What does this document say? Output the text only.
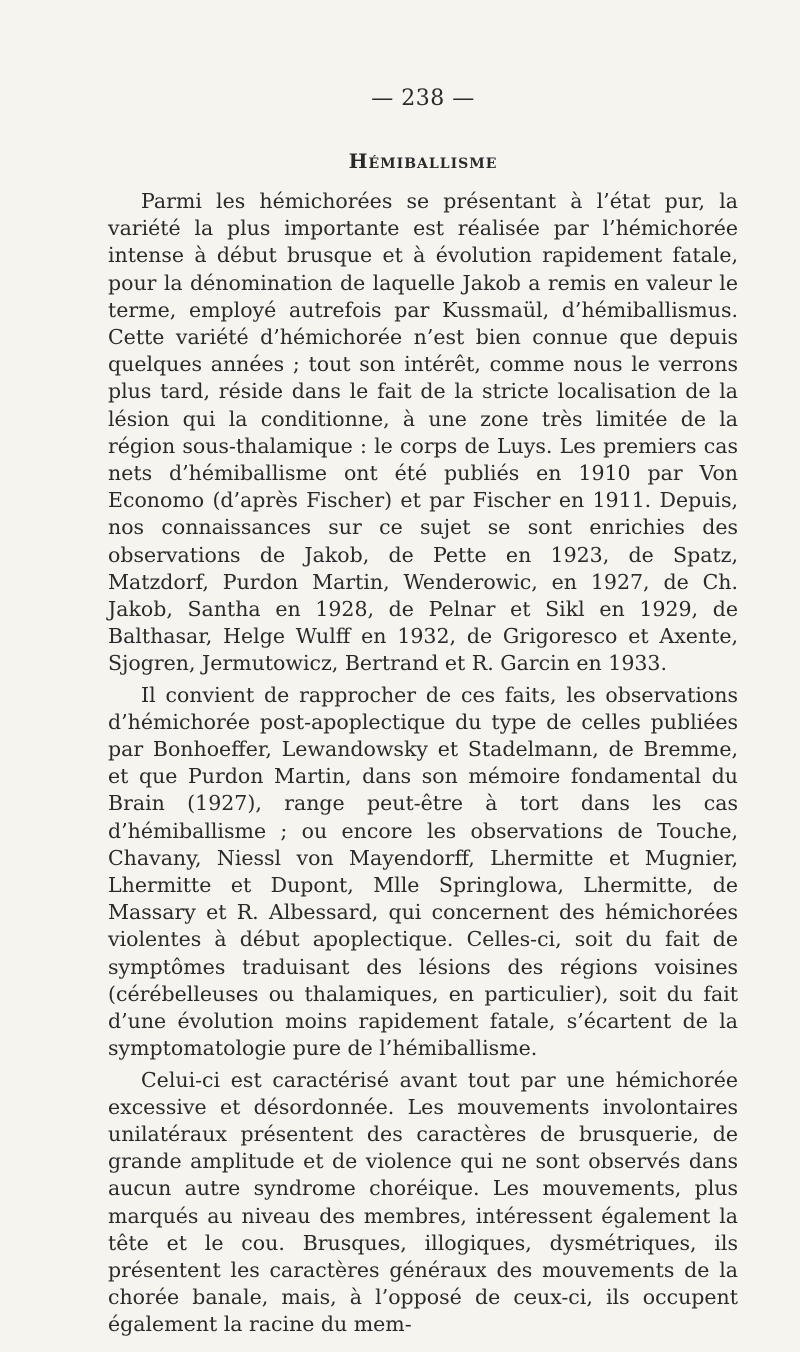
— 238 —

Hémiballisme

Parmi les hémichorées se présentant à l’état pur, la variété la plus importante est réalisée par l’hémichorée intense à début brusque et à évolution rapidement fatale, pour la dénomination de laquelle Jakob a remis en valeur le terme, employé autrefois par Kussmaül, d’hémiballismus. Cette variété d’hémichorée n’est bien connue que depuis quelques années ; tout son intérêt, comme nous le verrons plus tard, réside dans le fait de la stricte localisation de la lésion qui la conditionne, à une zone très limitée de la région sous-thalamique : le corps de Luys. Les premiers cas nets d’hémiballisme ont été publiés en 1910 par Von Economo (d’après Fischer) et par Fischer en 1911. Depuis, nos connaissances sur ce sujet se sont enrichies des observations de Jakob, de Pette en 1923, de Spatz, Matzdorf, Purdon Martin, Wenderowic, en 1927, de Ch. Jakob, Santha en 1928, de Pelnar et Sikl en 1929, de Balthasar, Helge Wulff en 1932, de Grigoresco et Axente, Sjogren, Jermutowicz, Bertrand et R. Garcin en 1933.

Il convient de rapprocher de ces faits, les observations d’hémichorée post-apoplectique du type de celles publiées par Bonhoeffer, Lewandowsky et Stadelmann, de Bremme, et que Purdon Martin, dans son mémoire fondamental du Brain (1927), range peut-être à tort dans les cas d’hémiballisme ; ou encore les observations de Touche, Chavany, Niessl von Mayendorff, Lhermitte et Mugnier, Lhermitte et Dupont, Mlle Springlowa, Lhermitte, de Massary et R. Albessard, qui concernent des hémichorées violentes à début apoplectique. Celles-ci, soit du fait de symptômes traduisant des lésions des régions voisines (cérébelleuses ou thalamiques, en particulier), soit du fait d’une évolution moins rapidement fatale, s’écartent de la symptomatologie pure de l’hémiballisme.

Celui-ci est caractérisé avant tout par une hémichorée excessive et désordonnée. Les mouvements involontaires unilatéraux présentent des caractères de brusquerie, de grande amplitude et de violence qui ne sont observés dans aucun autre syndrome choréique. Les mouvements, plus marqués au niveau des membres, intéressent également la tête et le cou. Brusques, illogiques, dysmétriques, ils présentent les caractères généraux des mouvements de la chorée banale, mais, à l’opposé de ceux-ci, ils occupent également la racine du mem-
